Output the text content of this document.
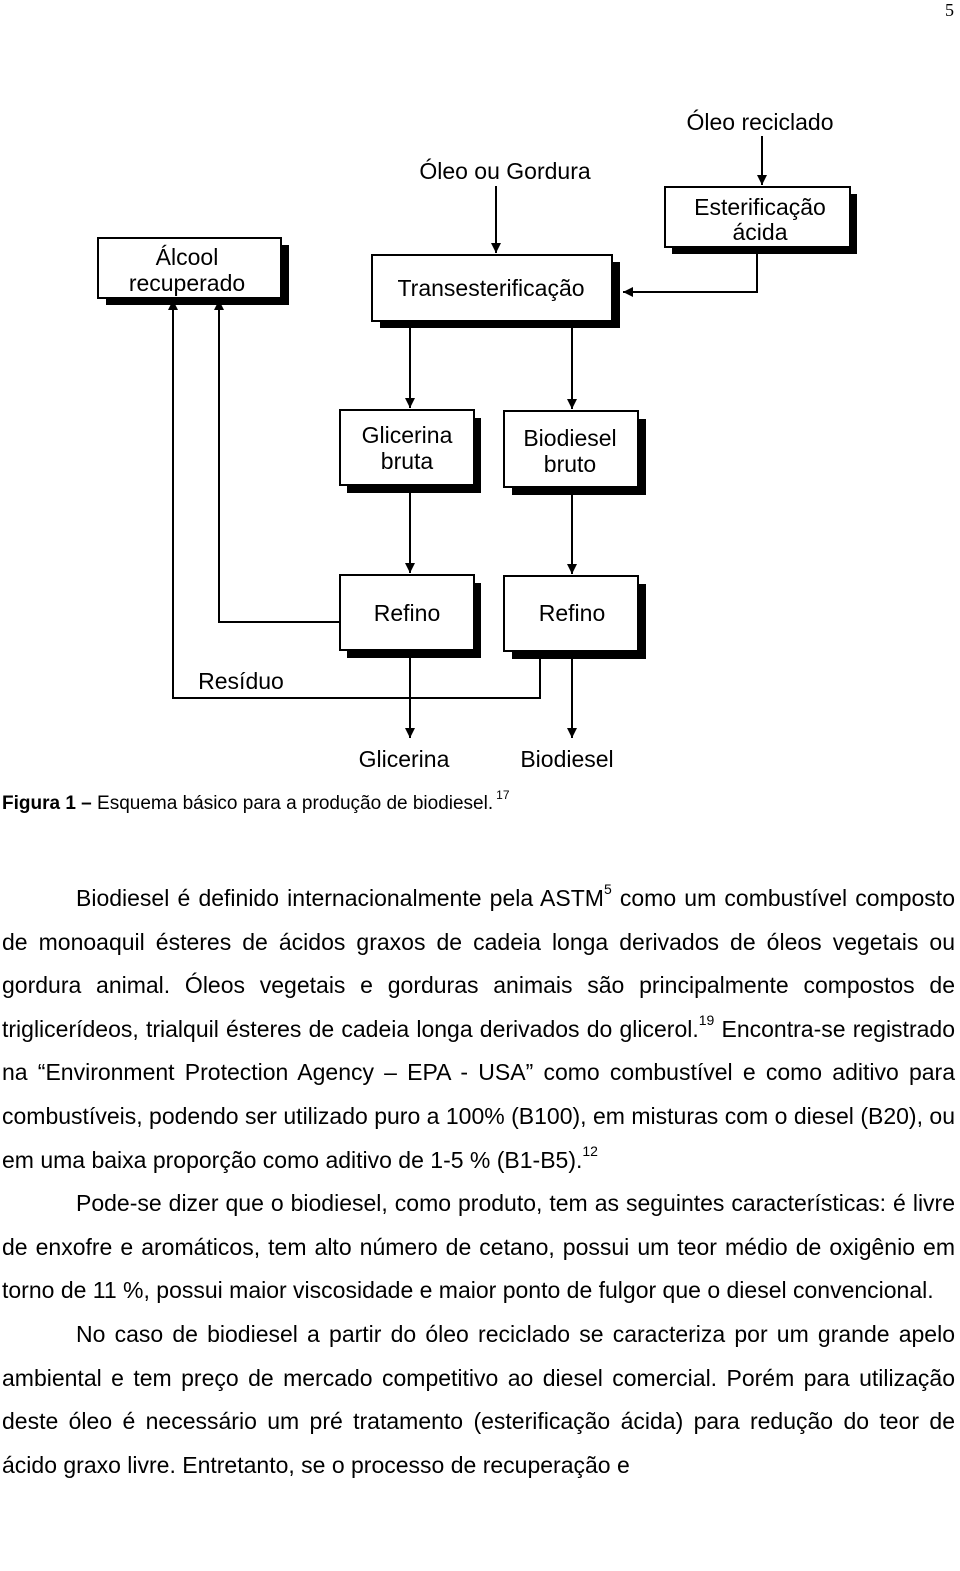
5
Óleo reciclado
Óleo ou Gordura
Esterificação
ácida
Álcool
recuperado	Transesterificação
Glicerina
bruta
Biodiesel
bruto
Refino	Refino
Resíduo
Glicerina	Biodiesel
Figura 1 – Esquema básico para a produção de biodiesel. $^{17}$

Biodiesel é definido internacionalmente pela ASTM$^5$ como um combustível composto de monoaquil ésteres de ácidos graxos de cadeia longa derivados de óleos vegetais ou gordura animal. Óleos vegetais e gorduras animais são principalmente compostos de triglicerídeos, trialquil ésteres de cadeia longa derivados do glicerol.$^{19}$ Encontra-se registrado na “Environment Protection Agency – EPA - USA” como combustível e como aditivo para combustíveis, podendo ser utilizado puro a 100% (B100), em misturas com o diesel (B20), ou em uma baixa proporção como aditivo de 1-5 % (B1-B5).$^{12}$

Pode-se dizer que o biodiesel, como produto, tem as seguintes características: é livre de enxofre e aromáticos, tem alto número de cetano, possui um teor médio de oxigênio em torno de 11 %, possui maior viscosidade e maior ponto de fulgor que o diesel convencional.

No caso de biodiesel a partir do óleo reciclado se caracteriza por um grande apelo ambiental e tem preço de mercado competitivo ao diesel comercial. Porém para utilização deste óleo é necessário um pré tratamento (esterificação ácida) para redução do teor de ácido graxo livre. Entretanto, se o processo de recuperação e
